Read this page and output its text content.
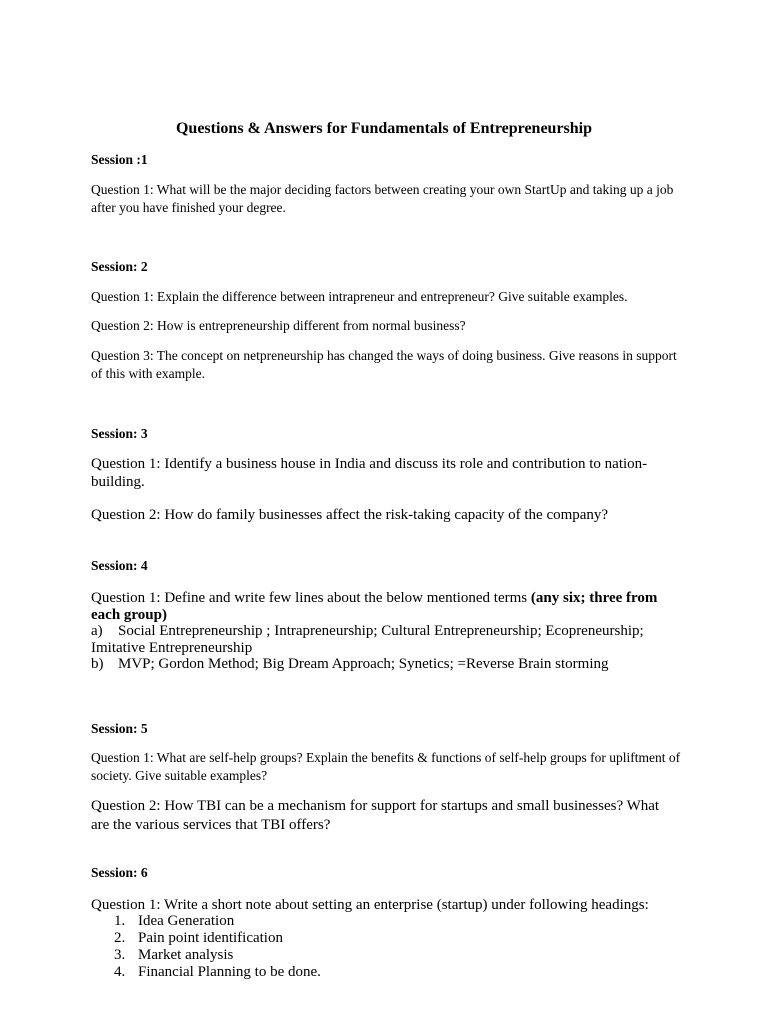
Questions & Answers for Fundamentals of Entrepreneurship

Session :1

Question 1: What will be the major deciding factors between creating your own StartUp and taking up a job after you have finished your degree.

Session: 2

Question 1: Explain the difference between intrapreneur and entrepreneur? Give suitable examples.

Question 2: How is entrepreneurship different from normal business?

Question 3: The concept on netpreneurship has changed the ways of doing business. Give reasons in support of this with example.

Session: 3

Question 1: Identify a business house in India and discuss its role and contribution to nation-building.

Question 2: How do family businesses affect the risk-taking capacity of the company?

Session: 4

Question 1: Define and write few lines about the below mentioned terms (any six; three from each group)

a) Social Entrepreneurship ; Intrapreneurship; Cultural Entrepreneurship; Ecopreneurship; Imitative Entrepreneurship

b) MVP; Gordon Method; Big Dream Approach; Synetics; =Reverse Brain storming

Session: 5

Question 1: What are self-help groups? Explain the benefits & functions of self-help groups for upliftment of society. Give suitable examples?

Question 2: How TBI can be a mechanism for support for startups and small businesses? What are the various services that TBI offers?

Session: 6

Question 1: Write a short note about setting an enterprise (startup) under following headings:

1. Idea Generation

2. Pain point identification

3. Market analysis

4. Financial Planning to be done.
